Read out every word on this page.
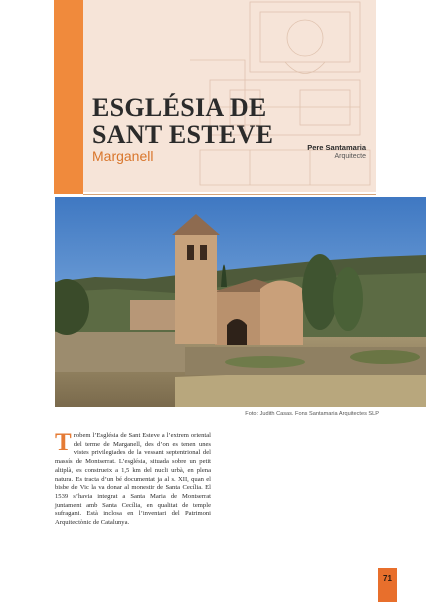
ESGLÉSIA DE
SANT ESTEVE
Marganell
Pere Santamaria
Arquitecte
Foto: Judith Casas. Fons Santamaria Arquitectes SLP

Trobem l’Església de Sant Esteve a l’extrem oriental del terme de Marganell, des d’on es tenen unes vistes privilegiades de la vessant septentrional del massís de Montserrat. L’església, situada sobre un petit altiplà, es construeix a 1,5 km del nucli urbà, en plena natura. Es tracta d’un bé documentat ja al s. XII, quan el bisbe de Vic la va donar al monestir de Santa Cecília. El 1539 s’havia integrat a Santa Maria de Montserrat juntament amb Santa Cecília, en qualitat de temple sufragani. Està inclosa en l’inventari del Patrimoni Arquitectònic de Catalunya.

71
